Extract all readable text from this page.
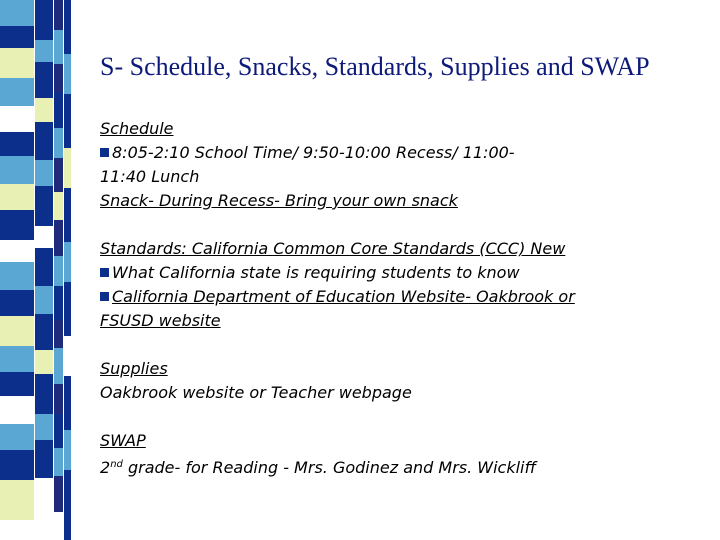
S- Schedule, Snacks, Standards, Supplies and SWAP
Schedule
8:05-2:10 School Time/ 9:50-10:00 Recess/ 11:00-
11:40 Lunch
Snack- During Recess- Bring your own snack
Standards: California Common Core Standards (CCC) New
What California state is requiring students to know
California Department of Education Website- Oakbrook or
FSUSD website
Supplies
Oakbrook website or Teacher webpage
SWAP
2nd grade- for Reading - Mrs. Godinez and Mrs. Wickliff
